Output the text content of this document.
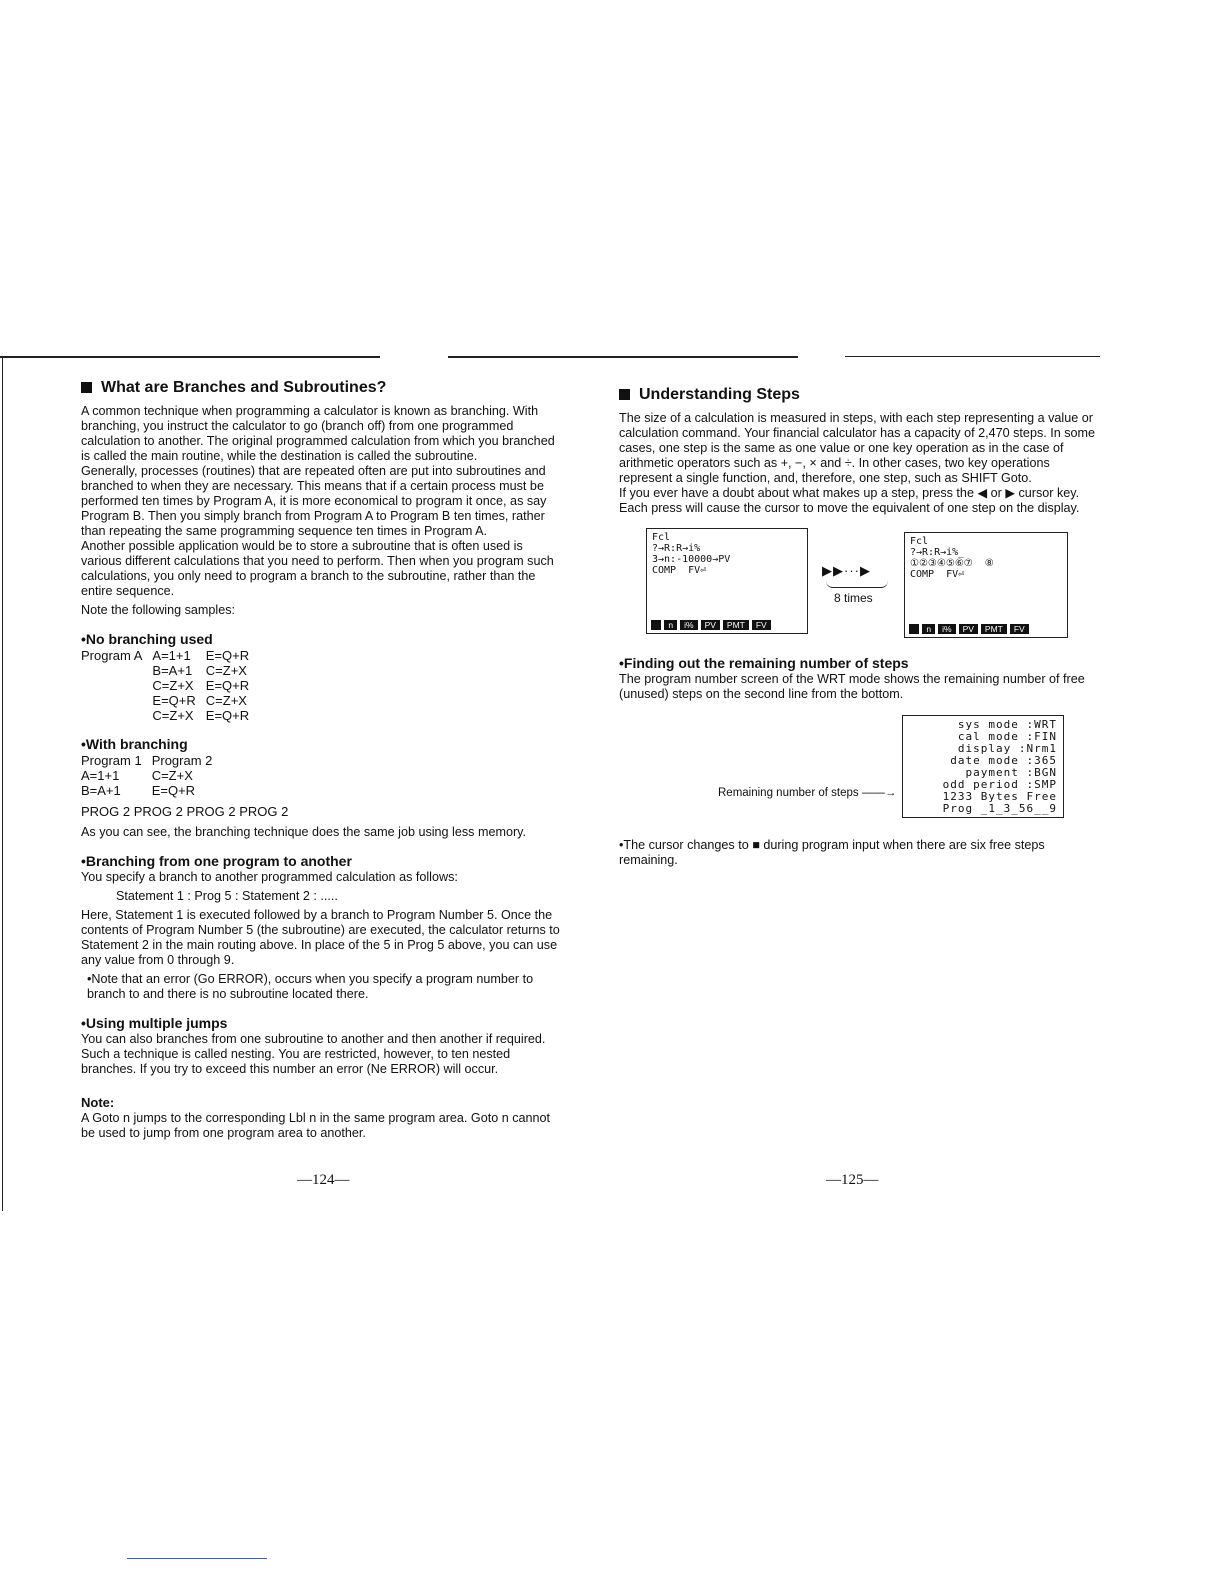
What are Branches and Subroutines?

A common technique when programming a calculator is known as branching. With branching, you instruct the calculator to go (branch off) from one programmed calculation to another. The original programmed calculation from which you branched is called the main routine, while the destination is called the subroutine.

Generally, processes (routines) that are repeated often are put into subroutines and branched to when they are necessary. This means that if a certain process must be performed ten times by Program A, it is more economical to program it once, as say Program B. Then you simply branch from Program A to Program B ten times, rather than repeating the same programming sequence ten times in Program A.

Another possible application would be to store a subroutine that is often used is various different calculations that you need to perform. Then when you program such calculations, you only need to program a branch to the subroutine, rather than the entire sequence.

Note the following samples:

•No branching used
Program A	A=1+1	E=Q+R
	B=A+1	C=Z+X
	C=Z+X	E=Q+R
	E=Q+R	C=Z+X
	C=Z+X	E=Q+R
•With branching
Program 1	Program 2
A=1+1	C=Z+X
B=A+1	E=Q+R

PROG 2 PROG 2 PROG 2 PROG 2

As you can see, the branching technique does the same job using less memory.

•Branching from one program to another

You specify a branch to another programmed calculation as follows:

Statement 1 : Prog 5 : Statement 2 : .....

Here, Statement 1 is executed followed by a branch to Program Number 5. Once the contents of Program Number 5 (the subroutine) are executed, the calculator returns to Statement 2 in the main routing above. In place of the 5 in Prog 5 above, you can use any value from 0 through 9.

•Note that an error (Go ERROR), occurs when you specify a program number to branch to and there is no subroutine located there.

•Using multiple jumps

You can also branches from one subroutine to another and then another if required. Such a technique is called nesting. You are restricted, however, to ten nested branches. If you try to exceed this number an error (Ne ERROR) will occur.

Note:

A Goto n jumps to the corresponding Lbl n in the same program area. Goto n cannot be used to jump from one program area to another.

—124—
Understanding Steps

The size of a calculation is measured in steps, with each step representing a value or calculation command. Your financial calculator has a capacity of 2,470 steps. In some cases, one step is the same as one value or one key operation as in the case of arithmetic operators such as +, −, × and ÷. In other cases, two key operations represent a single function, and, therefore, one step, such as SHIFT Goto.

If you ever have a doubt about what makes up a step, press the ◀ or ▶ cursor key. Each press will cause the cursor to move the equivalent of one step on the display.

Fcl
?→R:R→i%
3→n:-10000→PV
COMP  FV⏎

n	i%	PV	PMT	FV
▶▶···▶
8 times
Fcl
?→R:R→i%_
①②③④⑤⑥⑦  ⑧
COMP  FV⏎

n	i%	PV	PMT	FV
•Finding out the remaining number of steps

The program number screen of the WRT mode shows the remaining number of free (unused) steps on the second line from the bottom.

sys mode :WRT
cal mode :FIN
display :Nrm1
date mode :365
payment :BGN
odd period :SMP
1233 Bytes Free
Prog _1_3_56__9
Remaining number of steps ——→

•The cursor changes to ■ during program input when there are six free steps remaining.

—125—
